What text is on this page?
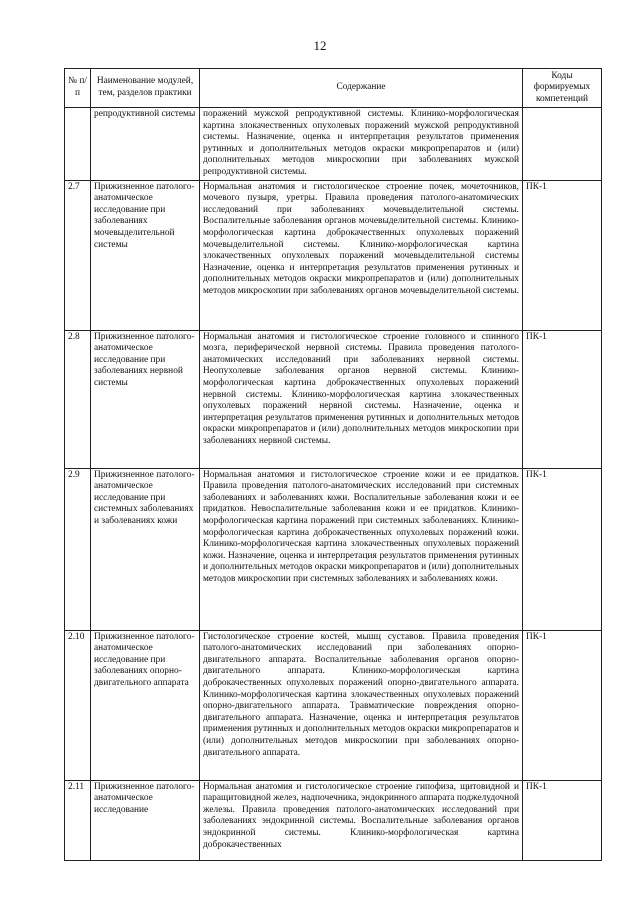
12
№ п/п	Наименование модулей, тем, разделов практики	Содержание	Коды формируемых компетенций
	репродуктивной системы	поражений мужской репродуктивной системы. Клинико-морфологическая картина злокачественных опухолевых поражений мужской репродуктивной системы. Назначение, оценка и интерпретация результатов применения рутинных и дополнительных методов окраски микропрепаратов и (или) дополнительных методов микроскопии при заболеваниях мужской репродуктивной системы.	
2.7	Прижизненное патолого-анатомическое исследование при заболеваниях мочевыделительной системы	Нормальная анатомия и гистологическое строение почек, мочеточников, мочевого пузыря, уретры. Правила проведения патолого-анатомических исследований при заболеваниях мочевыделительной системы. Воспалительные заболевания органов мочевыделительной системы. Клинико-морфологическая картина доброкачественных опухолевых поражений мочевыделительной системы. Клинико-морфологическая картина злокачественных опухолевых поражений мочевыделительной системы Назначение, оценка и интерпретация результатов применения рутинных и дополнительных методов окраски микропрепаратов и (или) дополнительных методов микроскопии при заболеваниях органов мочевыделительной системы.	ПК-1
2.8	Прижизненное патолого-анатомическое исследование при заболеваниях нервной системы	Нормальная анатомия и гистологическое строение головного и спинного мозга, периферической нервной системы. Правила проведения патолого-анатомических исследований при заболеваниях нервной системы. Неопухолевые заболевания органов нервной системы. Клинико-морфологическая картина доброкачественных опухолевых поражений нервной системы. Клинико-морфологическая картина злокачественных опухолевых поражений нервной системы. Назначение, оценка и интерпретация результатов применения рутинных и дополнительных методов окраски микропрепаратов и (или) дополнительных методов микроскопии при заболеваниях нервной системы.	ПК-1
2.9	Прижизненное патолого-анатомическое исследование при системных заболеваниях и заболеваниях кожи	Нормальная анатомия и гистологическое строение кожи и ее придатков. Правила проведения патолого-анатомических исследований при системных заболеваниях и заболеваниях кожи. Воспалительные заболевания кожи и ее придатков. Невоспалительные заболевания кожи и ее придатков. Клинико-морфологическая картина поражений при системных заболеваниях. Клинико-морфологическая картина доброкачественных опухолевых поражений кожи. Клинико-морфологическая картина злокачественных опухолевых поражений кожи. Назначение, оценка и интерпретация результатов применения рутинных и дополнительных методов окраски микропрепаратов и (или) дополнительных методов микроскопии при системных заболеваниях и заболеваниях кожи.	ПК-1
2.10	Прижизненное патолого-анатомическое исследование при заболеваниях опорно-двигательного аппарата	Гистологическое строение костей, мышц суставов. Правила проведения патолого-анатомических исследований при заболеваниях опорно-двигательного аппарата. Воспалительные заболевания органов опорно-двигательного аппарата. Клинико-морфологическая картина доброкачественных опухолевых поражений опорно-двигательного аппарата. Клинико-морфологическая картина злокачественных опухолевых поражений опорно-двигательного аппарата. Травматические повреждения опорно-двигательного аппарата. Назначение, оценка и интерпретация результатов применения рутинных и дополнительных методов окраски микропрепаратов и (или) дополнительных методов микроскопии при заболеваниях опорно-двигательного аппарата.	ПК-1
2.11	Прижизненное патолого-анатомическое исследование	Нормальная анатомия и гистологическое строение гипофиза, щитовидной и паращитовидной желез, надпочечника, эндокринного аппарата поджелудочной железы. Правила проведения патолого-анатомических исследований при заболеваниях эндокринной системы. Воспалительные заболевания органов эндокринной системы. Клинико-морфологическая картина доброкачественных	ПК-1
